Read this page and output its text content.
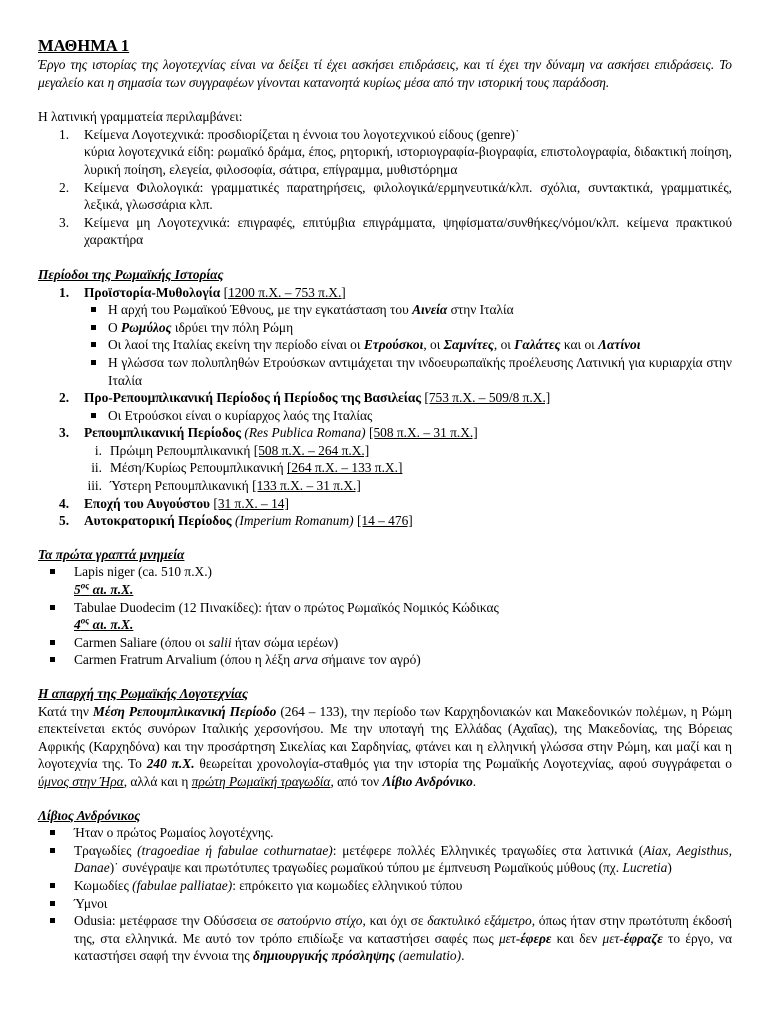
ΜΑΘΗΜΑ 1

Έργο της ιστορίας της λογοτεχνίας είναι να δείξει τί έχει ασκήσει επιδράσεις, και τί έχει την δύναμη να ασκήσει επιδράσεις. Το μεγαλείο και η σημασία των συγγραφέων γίνονται κατανοητά κυρίως μέσα από την ιστορική τους παράδοση.

Η λατινική γραμματεία περιλαμβάνει:

1. Κείμενα Λογοτεχνικά: προσδιορίζεται η έννοια του λογοτεχνικού είδους (genre)˙
κύρια λογοτεχνικά είδη: ρωμαϊκό δράμα, έπος, ρητορική, ιστοριογραφία-βιογραφία, επιστολογραφία, διδακτική ποίηση, λυρική ποίηση, ελεγεία, φιλοσοφία, σάτιρα, επίγραμμα, μυθιστόρημα
2. Κείμενα Φιλολογικά: γραμματικές παρατηρήσεις, φιλολογικά/ερμηνευτικά/κλπ. σχόλια, συντακτικά, γραμματικές, λεξικά, γλωσσάρια κλπ.
3. Κείμενα μη Λογοτεχνικά: επιγραφές, επιτύμβια επιγράμματα, ψηφίσματα/συνθήκες/νόμοι/κλπ. κείμενα πρακτικού χαρακτήρα

Περίοδοι της Ρωμαϊκής Ιστορίας

1. Προϊστορία-Μυθολογία [1200 π.Χ. – 753 π.Χ.]
Η αρχή του Ρωμαϊκού Έθνους, με την εγκατάσταση του Αινεία στην Ιταλία
Ο Ρωμύλος ιδρύει την πόλη Ρώμη
Οι λαοί της Ιταλίας εκείνη την περίοδο είναι οι Ετρούσκοι, οι Σαμνίτες, οι Γαλάτες και οι Λατίνοι
Η γλώσσα των πολυπληθών Ετρούσκων αντιμάχεται την ινδοευρωπαϊκής προέλευσης Λατινική για κυριαρχία στην Ιταλία
2. Προ-Ρεπουμπλικανική Περίοδος ή Περίοδος της Βασιλείας [753 π.Χ. – 509/8 π.Χ.]
Οι Ετρούσκοι είναι ο κυρίαρχος λαός της Ιταλίας
3. Ρεπουμπλικανική Περίοδος (Res Publica Romana) [508 π.Χ. – 31 π.Χ.]
i. Πρώιμη Ρεπουμπλικανική [508 π.Χ. – 264 π.Χ.]
ii. Μέση/Κυρίως Ρεπουμπλικανική [264 π.Χ. – 133 π.Χ.]
iii. Ύστερη Ρεπουμπλικανική [133 π.Χ. – 31 π.Χ.]
4. Εποχή του Αυγούστου [31 π.Χ. – 14]
5. Αυτοκρατορική Περίοδος (Imperium Romanum) [14 – 476]

Τα πρώτα γραπτά μνημεία

Lapis niger (ca. 510 π.Χ.)
$5^{o\varsigma}$ αι. π.Χ.
Tabulae Duodecim (12 Πινακίδες): ήταν ο πρώτος Ρωμαϊκός Νομικός Κώδικας
$4^{o\varsigma}$ αι. π.Χ.
Carmen Saliare (όπου οι salii ήταν σώμα ιερέων)
Carmen Fratrum Arvalium (όπου η λέξη arva σήμαινε τον αγρό)

Η απαρχή της Ρωμαϊκής Λογοτεχνίας

Κατά την Μέση Ρεπουμπλικανική Περίοδο (264 – 133), την περίοδο των Καρχηδονιακών και Μακεδονικών πολέμων, η Ρώμη επεκτείνεται εκτός συνόρων Ιταλικής χερσονήσου. Με την υποταγή της Ελλάδας (Αχαΐας), της Μακεδονίας, της Βόρειας Αφρικής (Καρχηδόνα) και την προσάρτηση Σικελίας και Σαρδηνίας, φτάνει και η ελληνική γλώσσα στην Ρώμη, και μαζί και η λογοτεχνία της. Το 240 π.Χ. θεωρείται χρονολογία-σταθμός για την ιστορία της Ρωμαϊκής Λογοτεχνίας, αφού συγγράφεται ο ύμνος στην Ήρα, αλλά και η πρώτη Ρωμαϊκή τραγωδία, από τον Λίβιο Ανδρόνικο.

Λίβιος Ανδρόνικος

Ήταν ο πρώτος Ρωμαίος λογοτέχνης.
Τραγωδίες (tragoediae ή fabulae cothurnatae): μετέφερε πολλές Ελληνικές τραγωδίες στα λατινικά (Aiax, Aegisthus, Danae)˙ συνέγραψε και πρωτότυπες τραγωδίες ρωμαϊκού τύπου με έμπνευση Ρωμαϊκούς μύθους (πχ. Lucretia)
Κωμωδίες (fabulae palliatae): επρόκειτο για κωμωδίες ελληνικού τύπου
Ύμνοι
Odusia: μετέφρασε την Οδύσσεια σε σατούρνιο στίχο, και όχι σε δακτυλικό εξάμετρο, όπως ήταν στην πρωτότυπη έκδοσή της, στα ελληνικά. Με αυτό τον τρόπο επιδίωξε να καταστήσει σαφές πως μετ-έφερε και δεν μετ-έφραζε το έργο, να καταστήσει σαφή την έννοια της δημιουργικής πρόσληψης (aemulatio).
